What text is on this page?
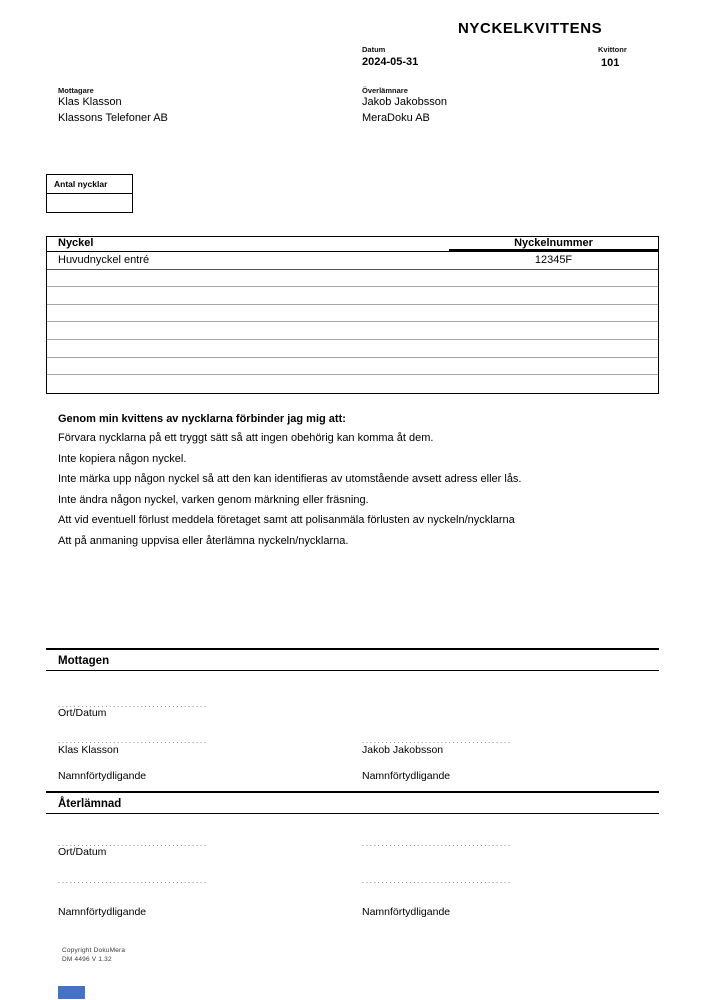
NYCKELKVITTENS
Datum
2024-05-31
Kvittonr
101
Mottagare
Klas Klasson
Klassons Telefoner AB
Överlämnare
Jakob Jakobsson
MeraDoku AB
Antal nycklar
Nyckel	Nyckelnummer
Huvudnyckel entré	12345F
Genom min kvittens av nycklarna förbinder jag mig att:

Förvara nycklarna på ett tryggt sätt så att ingen obehörig kan komma åt dem.

Inte kopiera någon nyckel.

Inte märka upp någon nyckel så att den kan identifieras av utomstående avsett adress eller lås.

Inte ändra någon nyckel, varken genom märkning eller fräsning.

Att vid eventuell förlust meddela företaget samt att polisanmäla förlusten av nyckeln/nycklarna

Att på anmaning uppvisa eller återlämna nyckeln/nycklarna.

Mottagen
......................................
Ort/Datum
......................................	......................................
Klas Klasson	Jakob Jakobsson
Namnförtydligande	Namnförtydligande
Återlämnad
......................................	......................................
Ort/Datum
......................................	......................................
Namnförtydligande	Namnförtydligande
Copyright DokuMera
DM 4496 V 1.32
